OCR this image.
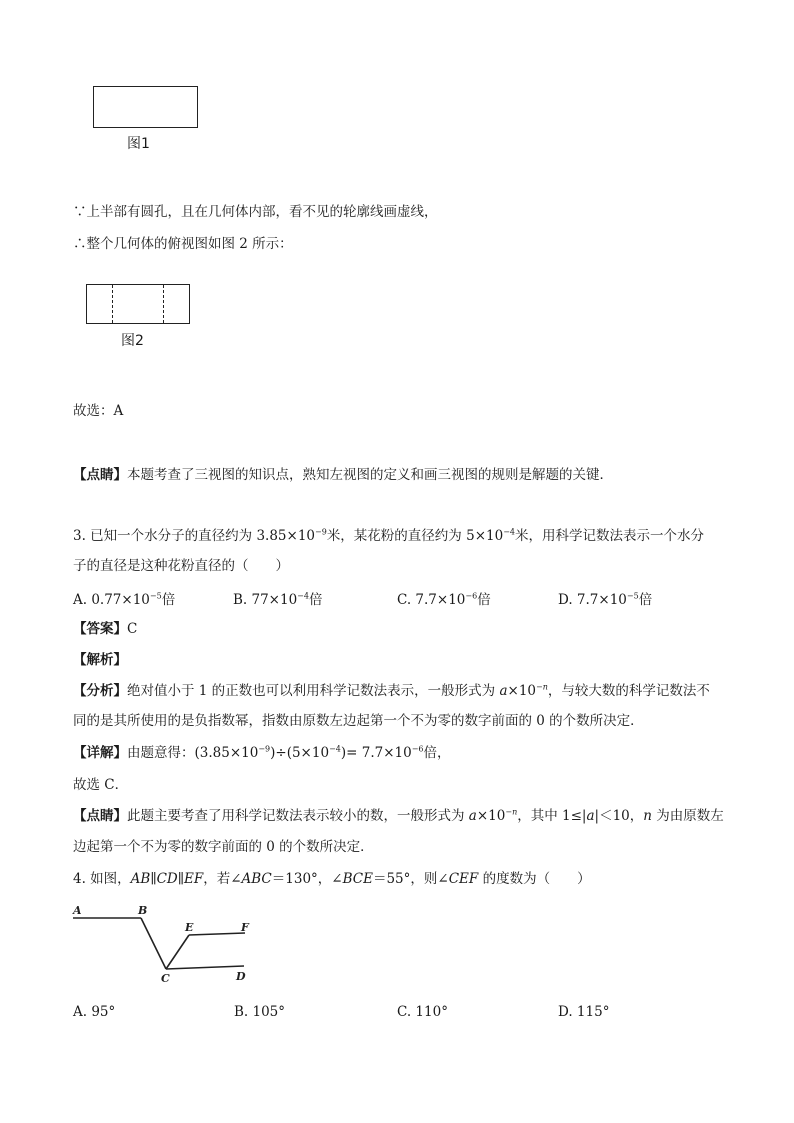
图1
∵上半部有圆孔，且在几何体内部，看不见的轮廓线画虚线，
∴整个几何体的俯视图如图 2 所示：
图2
故选：A
【点睛】本题考查了三视图的知识点，熟知左视图的定义和画三视图的规则是解题的关键．
3. 已知一个水分子的直径约为 $3.85\times 10^{-9}$米，某花粉的直径约为 $5\times 10^{-4}$米，用科学记数法表示一个水分
子的直径是这种花粉直径的（　　）
A. $0.77\times 10^{-5}$倍	B. $77\times 10^{-4}$倍	C. $7.7\times 10^{-6}$倍	D. $7.7\times 10^{-5}$倍
【答案】C
【解析】
【分析】绝对值小于 1 的正数也可以利用科学记数法表示，一般形式为 $a\times 10^{-n}$，与较大数的科学记数法不
同的是其所使用的是负指数幂，指数由原数左边起第一个不为零的数字前面的 0 的个数所决定．
【详解】由题意得：$(3.85\times 10^{-9})\div(5\times 10^{-4})= 7.7\times 10^{-6}$倍，
故选 C．
【点睛】此题主要考查了用科学记数法表示较小的数，一般形式为 $a\times 10^{-n}$，其中 1≤|a|＜10，n 为由原数左
边起第一个不为零的数字前面的 0 的个数所决定．
4. 如图，AB∥CD∥EF，若∠ABC＝130°，∠BCE＝55°，则∠CEF 的度数为（　　）
A	B
E	F
C	D
A. 95°	B. 105°	C. 110°	D. 115°
